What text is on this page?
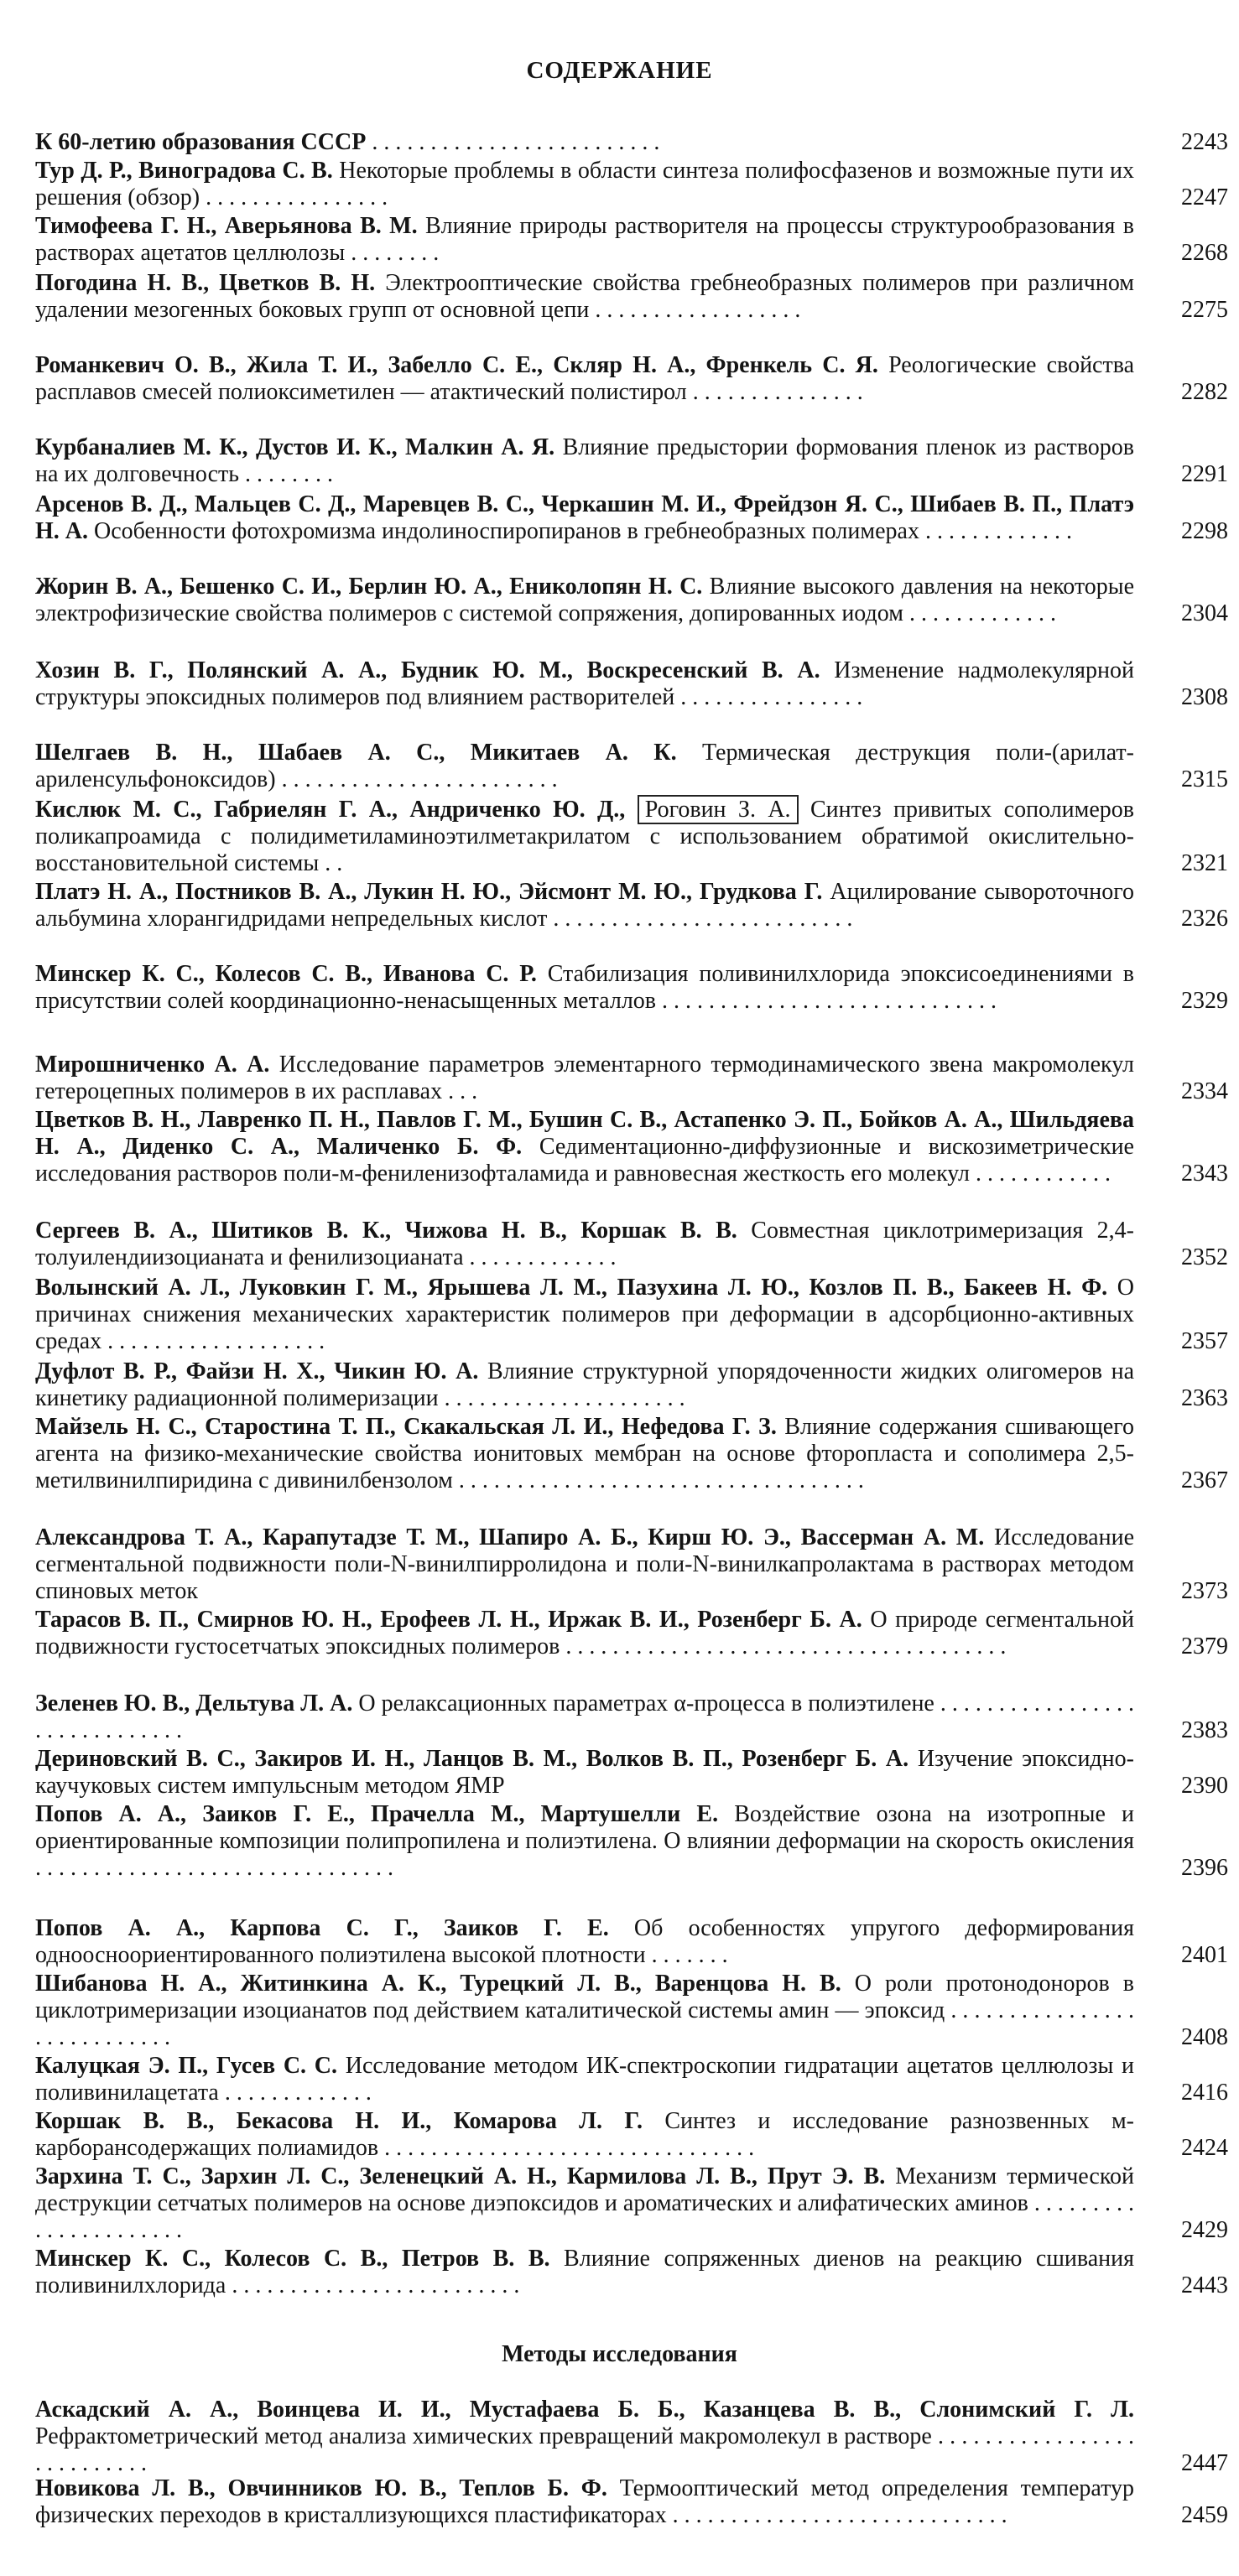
СОДЕРЖАНИЕ
К 60-летию образования СССР . . . . . . . . . . . . . . . . . . . . . . . . .	2243
Тур Д. Р., Виноградова С. В. Некоторые проблемы в области синтеза полифосфазенов и возможные пути их решения (обзор) . . . . . . . . . . . . . . . .	2247
Тимофеева Г. Н., Аверьянова В. М. Влияние природы растворителя на процессы структурообразования в растворах ацетатов целлюлозы . . . . . . . .	2268
Погодина Н. В., Цветков В. Н. Электрооптические свойства гребнеобразных полимеров при различном удалении мезогенных боковых групп от основной цепи . . . . . . . . . . . . . . . . . .	2275
Романкевич О. В., Жила Т. И., Забелло С. Е., Скляр Н. А., Френкель С. Я. Реологические свойства расплавов смесей полиоксиметилен — атактический полистирол . . . . . . . . . . . . . . .	2282
Курбаналиев М. К., Дустов И. К., Малкин А. Я. Влияние предыстории формования пленок из растворов на их долговечность . . . . . . . .	2291
Арсенов В. Д., Мальцев С. Д., Маревцев В. С., Черкашин М. И., Фрейдзон Я. С., Шибаев В. П., Платэ Н. А. Особенности фотохромизма индолиноспиропиранов в гребнеобразных полимерах . . . . . . . . . . . . .	2298
Жорин В. А., Бешенко С. И., Берлин Ю. А., Ениколопян Н. С. Влияние высокого давления на некоторые электрофизические свойства полимеров с системой сопряжения, допированных иодом . . . . . . . . . . . . .	2304
Хозин В. Г., Полянский А. А., Будник Ю. М., Воскресенский В. А. Изменение надмолекулярной структуры эпоксидных полимеров под влиянием растворителей . . . . . . . . . . . . . . . .	2308
Шелгаев В. Н., Шабаев А. С., Микитаев А. К. Термическая деструкция поли-(арилат-ариленсульфоноксидов) . . . . . . . . . . . . . . . . . . . . . . . .	2315
Кислюк М. С., Габриелян Г. А., Андриченко Ю. Д., Роговин З. А. Синтез привитых сополимеров поликапроамида с полидиметиламиноэтилметакрилатом с использованием обратимой окислительно-восстановительной системы . .	2321
Платэ Н. А., Постников В. А., Лукин Н. Ю., Эйсмонт М. Ю., Грудкова Г. Ацилирование сывороточного альбумина хлорангидридами непредельных кислот . . . . . . . . . . . . . . . . . . . . . . . . . .	2326
Минскер К. С., Колесов С. В., Иванова С. Р. Стабилизация поливинилхлорида эпоксисоединениями в присутствии солей координационно-ненасыщенных металлов . . . . . . . . . . . . . . . . . . . . . . . . . . . . .	2329
Мирошниченко А. А. Исследование параметров элементарного термодинамического звена макромолекул гетероцепных полимеров в их расплавах . . .	2334
Цветков В. Н., Лавренко П. Н., Павлов Г. М., Бушин С. В., Астапенко Э. П., Бойков А. А., Шильдяева Н. А., Диденко С. А., Маличенко Б. Ф. Седиментационно-диффузионные и вискозиметрические исследования растворов поли-м-фениленизофталамида и равновесная жесткость его молекул . . . . . . . . . . . .	2343
Сергеев В. А., Шитиков В. К., Чижова Н. В., Коршак В. В. Совместная циклотримеризация 2,4-толуилендиизоцианата и фенилизоцианата . . . . . . . . . . . . .	2352
Волынский А. Л., Луковкин Г. М., Ярышева Л. М., Пазухина Л. Ю., Козлов П. В., Бакеев Н. Ф. О причинах снижения механических характеристик полимеров при деформации в адсорбционно-активных средах . . . . . . . . . . . . . . . . . . .	2357
Дуфлот В. Р., Файзи Н. Х., Чикин Ю. А. Влияние структурной упорядоченности жидких олигомеров на кинетику радиационной полимеризации . . . . . . . . . . . . . . . . . . . . .	2363
Майзель Н. С., Старостина Т. П., Скакальская Л. И., Нефедова Г. З. Влияние содержания сшивающего агента на физико-механические свойства ионитовых мембран на основе фторопласта и сополимера 2,5-метилвинилпиридина с дивинилбензолом . . . . . . . . . . . . . . . . . . . . . . . . . . . . . . . . . . .	2367
Александрова Т. А., Карапутадзе Т. М., Шапиро А. Б., Кирш Ю. Э., Вассерман А. М. Исследование сегментальной подвижности поли-N-винилпирролидона и поли-N-винилкапролактама в растворах методом спиновых меток	2373
Тарасов В. П., Смирнов Ю. Н., Ерофеев Л. Н., Иржак В. И., Розенберг Б. А. О природе сегментальной подвижности густосетчатых эпоксидных полимеров . . . . . . . . . . . . . . . . . . . . . . . . . . . . . . . . . . . . . .	2379
Зеленев Ю. В., Дельтува Л. А. О релаксационных параметрах α-процесса в полиэтилене . . . . . . . . . . . . . . . . . . . . . . . . . . . . . .	2383
Дериновский В. С., Закиров И. Н., Ланцов В. М., Волков В. П., Розенберг Б. А. Изучение эпоксидно-каучуковых систем импульсным методом ЯМР	2390
Попов А. А., Заиков Г. Е., Прачелла М., Мартушелли Е. Воздействие озона на изотропные и ориентированные композиции полипропилена и полиэтилена. О влиянии деформации на скорость окисления . . . . . . . . . . . . . . . . . . . . . . . . . . . . . . .	2396
Попов А. А., Карпова С. Г., Заиков Г. Е. Об особенностях упругого деформирования одноосноориентированного полиэтилена высокой плотности . . . . . . .	2401
Шибанова Н. А., Житинкина А. К., Турецкий Л. В., Варенцова Н. В. О роли протонодоноров в циклотримеризации изоцианатов под действием каталитической системы амин — эпоксид . . . . . . . . . . . . . . . . . . . . . . . . . . . .	2408
Калуцкая Э. П., Гусев С. С. Исследование методом ИК-спектроскопии гидратации ацетатов целлюлозы и поливинилацетата . . . . . . . . . . . . .	2416
Коршак В. В., Бекасова Н. И., Комарова Л. Г. Синтез и исследование разнозвенных м-карборансодержащих полиамидов . . . . . . . . . . . . . . . . . . . . . . . . . . . . . . . .	2424
Зархина Т. С., Зархин Л. С., Зеленецкий А. Н., Кармилова Л. В., Прут Э. В. Механизм термической деструкции сетчатых полимеров на основе диэпоксидов и ароматических и алифатических аминов . . . . . . . . . . . . . . . . . . . . . .	2429
Минскер К. С., Колесов С. В., Петров В. В. Влияние сопряженных диенов на реакцию сшивания поливинилхлорида . . . . . . . . . . . . . . . . . . . . . . . . .	2443
Методы исследования
Аскадский А. А., Воинцева И. И., Мустафаева Б. Б., Казанцева В. В., Слонимский Г. Л. Рефрактометрический метод анализа химических превращений макромолекул в растворе . . . . . . . . . . . . . . . . . . . . . . . . . . .	2447
Новикова Л. В., Овчинников Ю. В., Теплов Б. Ф. Термооптический метод определения температур физических переходов в кристаллизующихся пластификаторах . . . . . . . . . . . . . . . . . . . . . . . . . . . . .	2459
